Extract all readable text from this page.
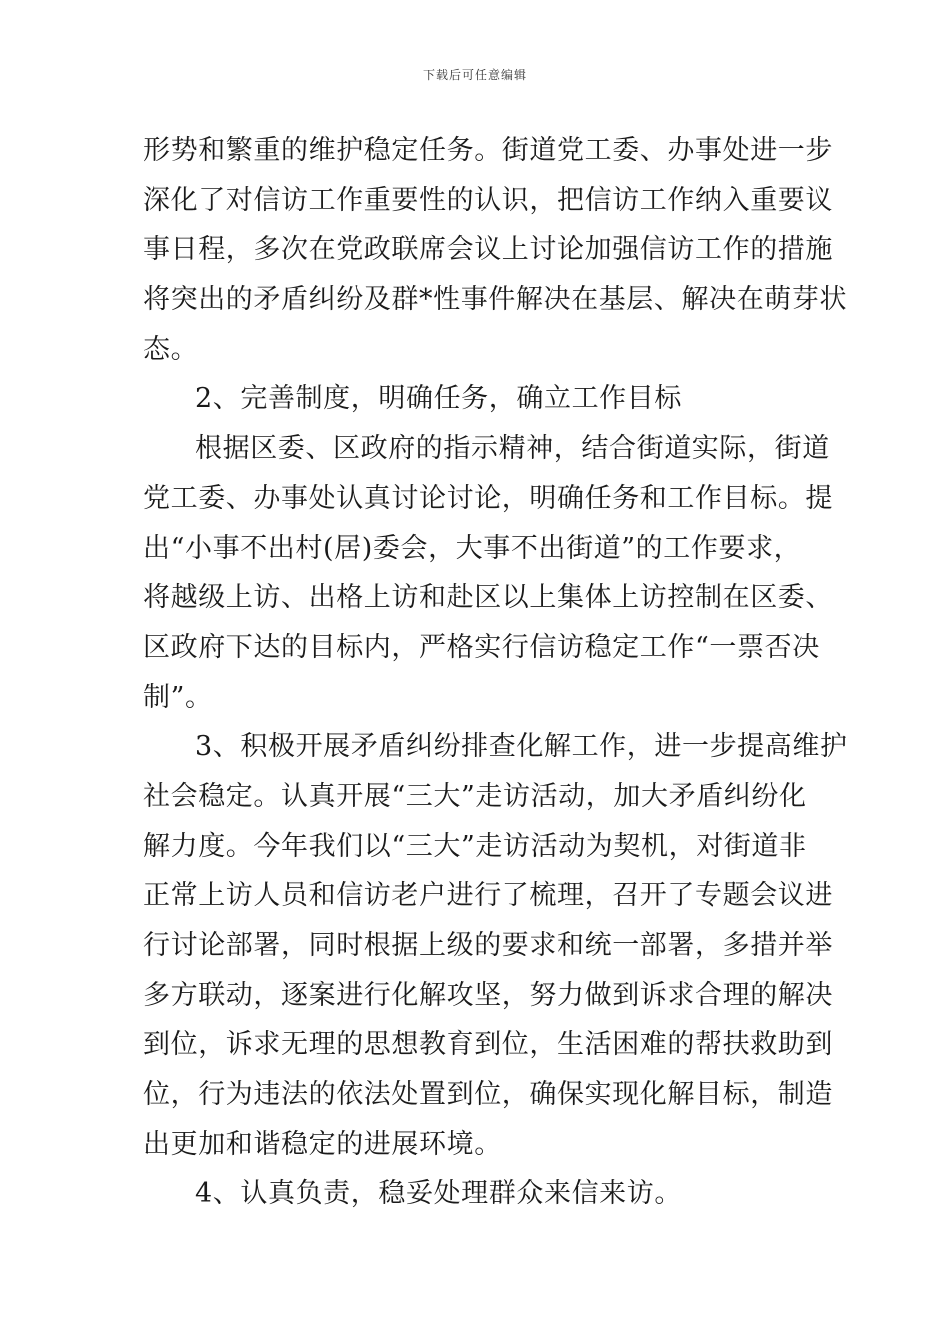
下载后可任意编辑
形势和繁重的维护稳定任务。街道党工委、办事处进一步
深化了对信访工作重要性的认识，把信访工作纳入重要议
事日程，多次在党政联席会议上讨论加强信访工作的措施
将突出的矛盾纠纷及群*性事件解决在基层、解决在萌芽状
态。
2、完善制度，明确任务，确立工作目标
根据区委、区政府的指示精神，结合街道实际，街道
党工委、办事处认真讨论讨论，明确任务和工作目标。提
出“小事不出村(居)委会，大事不出街道”的工作要求，
将越级上访、出格上访和赴区以上集体上访控制在区委、
区政府下达的目标内，严格实行信访稳定工作“一票否决
制”。
3、积极开展矛盾纠纷排查化解工作，进一步提高维护
社会稳定。认真开展“三大”走访活动，加大矛盾纠纷化
解力度。今年我们以“三大”走访活动为契机，对街道非
正常上访人员和信访老户进行了梳理，召开了专题会议进
行讨论部署，同时根据上级的要求和统一部署，多措并举
多方联动，逐案进行化解攻坚，努力做到诉求合理的解决
到位，诉求无理的思想教育到位，生活困难的帮扶救助到
位，行为违法的依法处置到位，确保实现化解目标，制造
出更加和谐稳定的进展环境。
4、认真负责，稳妥处理群众来信来访。
